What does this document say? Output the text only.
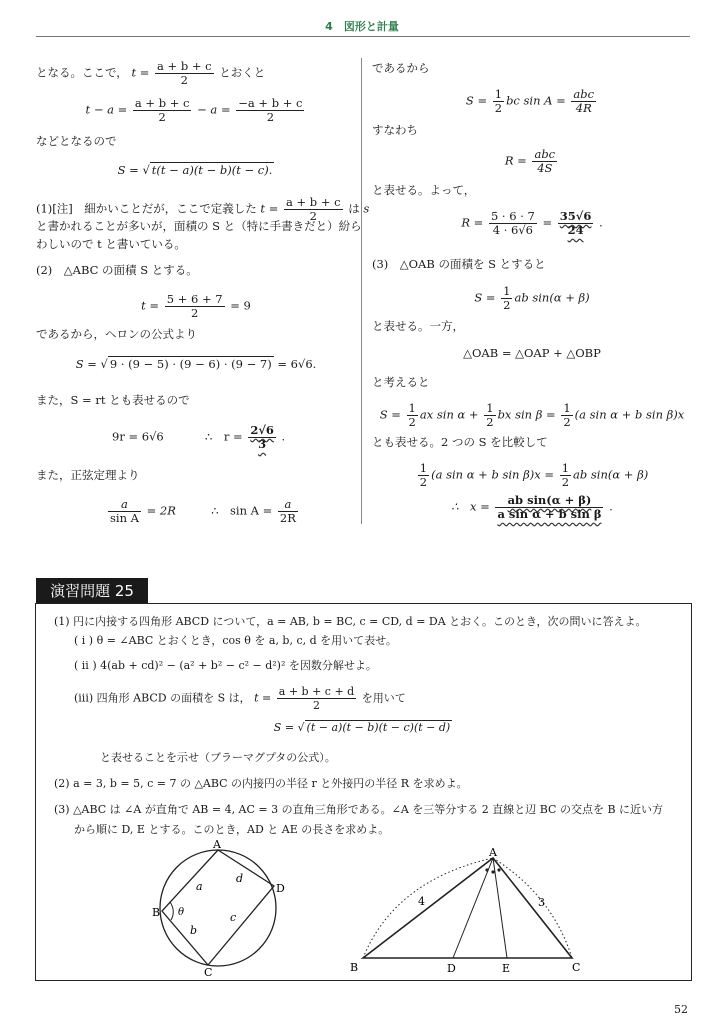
4　図形と計量
となる。ここで， $t = \frac{a + b + c}{2}$ とおくと
$t - a = \frac{a + b + c}{2} - a = \frac{-a + b + c}{2}$
などとなるので
S = √ t(t − a)(t − b)(t − c).
(1)[注]　細かいことだが，ここで定義した $t = \frac{a + b + c}{2}$ は s
と書かれることが多いが，面積の S と（特に手書きだと）紛ら
わしいので t と書いている。
(2)　△ABC の面積 S とする。
$t = \frac{5 + 6 + 7}{2} = 9$
であるから，ヘロンの公式より
S = √ 9 · (9 − 5) · (9 − 6) · (9 − 7) = 6√6.
また，S = rt とも表せるので
9r = 6√6	∴　$r = \frac{2√6}{3}$ .
また，正弦定理より
$\frac{a}{\text{sin A}} = 2R$	∴　$\sin A = \frac{a}{2R}$
であるから
$S = \frac{1}{2}$ bc $\sin A = \frac{\text{abc}}{4R}$
すなわち
$R = \frac{\text{abc}}{4S}$
と表せる。よって，
$R = \frac{5 \cdot 6 \cdot 7}{4 \cdot 6√6} = \frac{35√6}{24}$ .
(3)　△OAB の面積を S とすると
$S = \frac{1}{2}$ ab sin(α + β)
と表せる。一方，
△OAB = △OAP + △OBP
と考えると
$S = \frac{1}{2}$ ax $\sin \alpha + \frac{1}{2}$ bx $\sin \beta = \frac{1}{2} (a$ sin α + b sin β)x
とも表せる。2 つの S を比較して
$\frac{1}{2} (a$ sin α + b $\sin \beta)x = \frac{1}{2}$ ab sin(α + β)
∴　$x = \frac{\text{ab sin(α + β)}}{\text{a sin α + b sin β}}$ .
演習問題 25
(1) 円に内接する四角形 ABCD について，a = AB, b = BC, c = CD, d = DA とおく。このとき，次の問いに答えよ。
( i ) θ = ∠ABC とおくとき，cos θ を a, b, c, d を用いて表せ。
( ii ) 4(ab + cd)² − (a² + b² − c² − d²)² を因数分解せよ。
(iii) 四角形 ABCD の面積を S は， $t = \frac{a + b + c + d}{2}$ を用いて
S = √ (t − a)(t − b)(t − c)(t − d)
と表せることを示せ（ブラーマグプタの公式）。
(2) a = 3, b = 5, c = 7 の △ABC の内接円の半径 r と外接円の半径 R を求めよ。
(3) △ABC は ∠A が直角で AB = 4, AC = 3 の直角三角形である。∠A を三等分する 2 直線と辺 BC の交点を B に近い方
から順に D, E とする。このとき，AD と AE の長さを求めよ。
A
D
C
B
a
d
c
b
θ
A
B	C
D	E
4	3
52
